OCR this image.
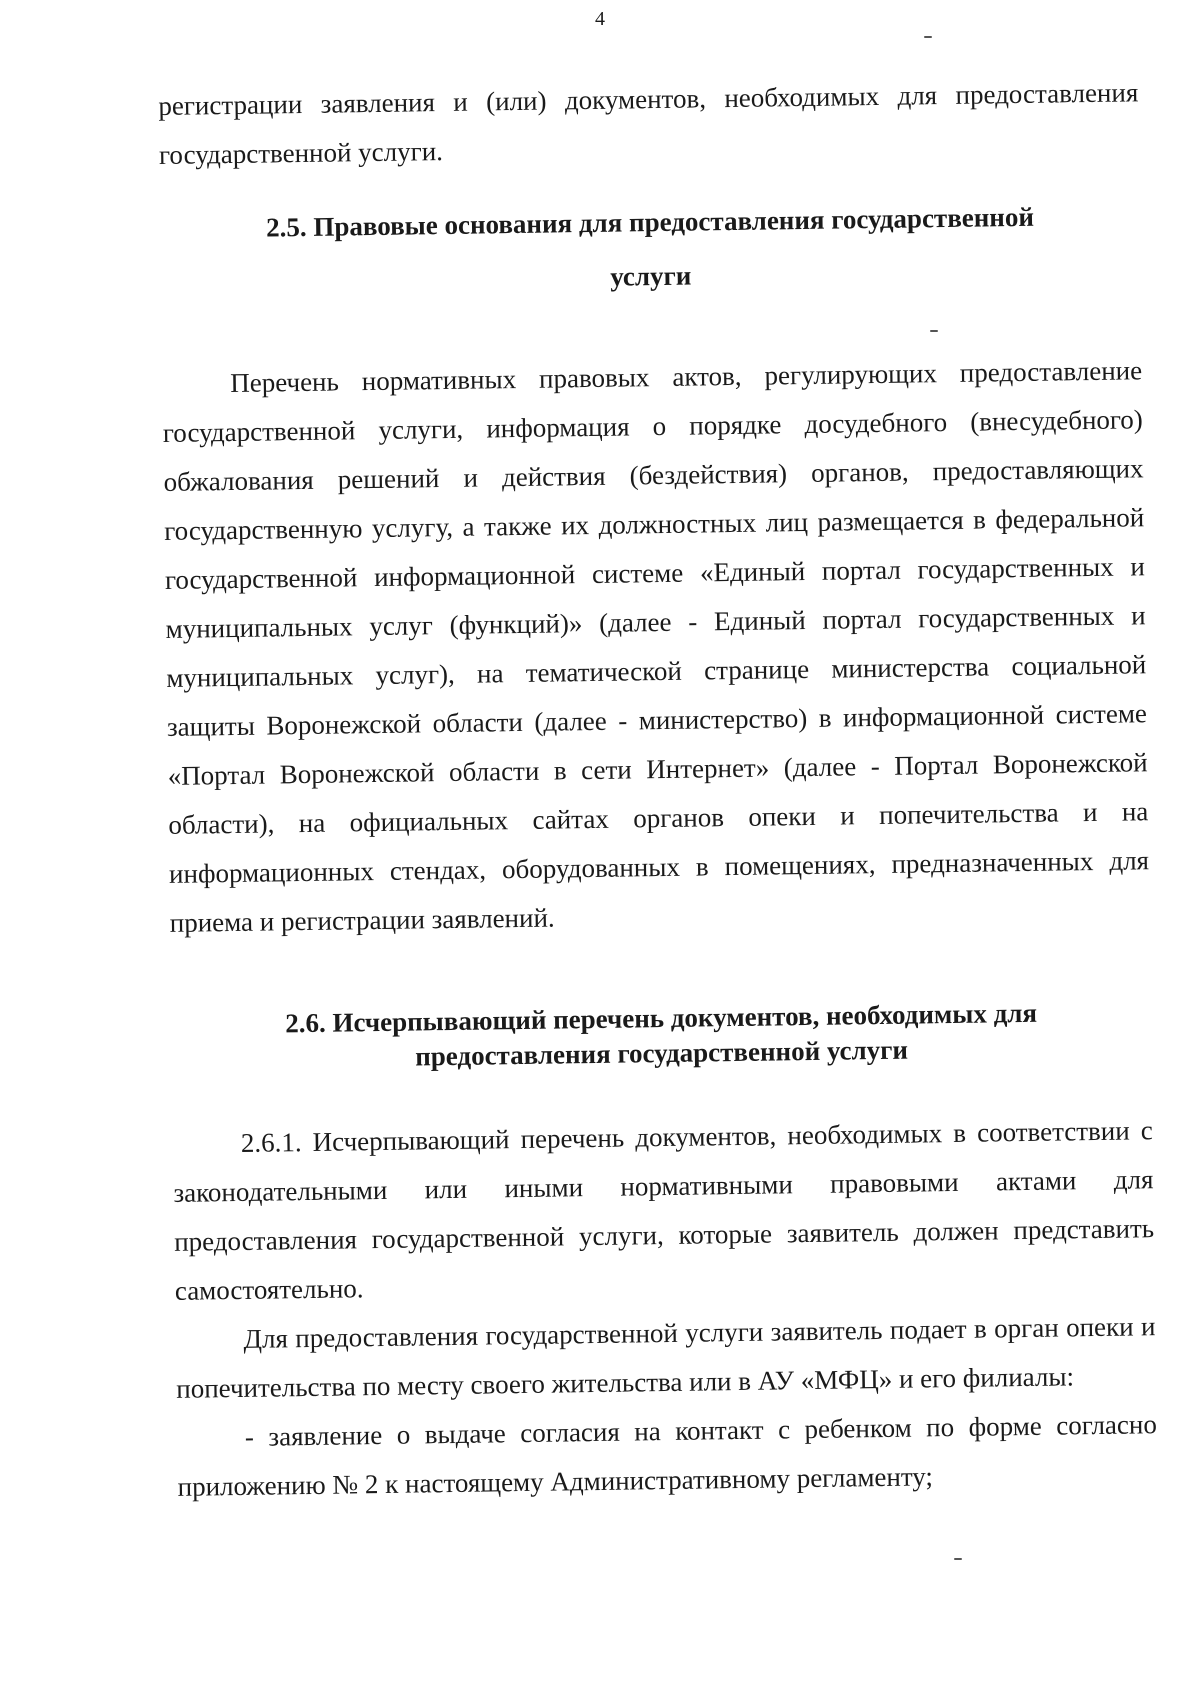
4

регистрации заявления и (или) документов, необходимых для предоставления государственной услуги.

2.5. Правовые основания для предоставления государственной

услуги

Перечень нормативных правовых актов, регулирующих предоставление государственной услуги, информация о порядке досудебного (внесудебного) обжалования решений и действия (бездействия) органов, предоставляющих государственную услугу, а также их должностных лиц размещается в федеральной государственной информационной системе «Единый портал государственных и муниципальных услуг (функций)» (далее - Единый портал государственных и муниципальных услуг), на тематической странице министерства социальной защиты Воронежской области (далее - министерство) в информационной системе «Портал Воронежской области в сети Интернет» (далее - Портал Воронежской области), на официальных сайтах органов опеки и попечительства и на информационных стендах, оборудованных в помещениях, предназначенных для приема и регистрации заявлений.

2.6. Исчерпывающий перечень документов, необходимых для

предоставления государственной услуги

2.6.1. Исчерпывающий перечень документов, необходимых в соответствии с законодательными или иными нормативными правовыми актами для предоставления государственной услуги, которые заявитель должен представить самостоятельно.

Для предоставления государственной услуги заявитель подает в орган опеки и попечительства по месту своего жительства или в АУ «МФЦ» и его филиалы:

- заявление о выдаче согласия на контакт с ребенком по форме согласно приложению № 2 к настоящему Административному регламенту;
